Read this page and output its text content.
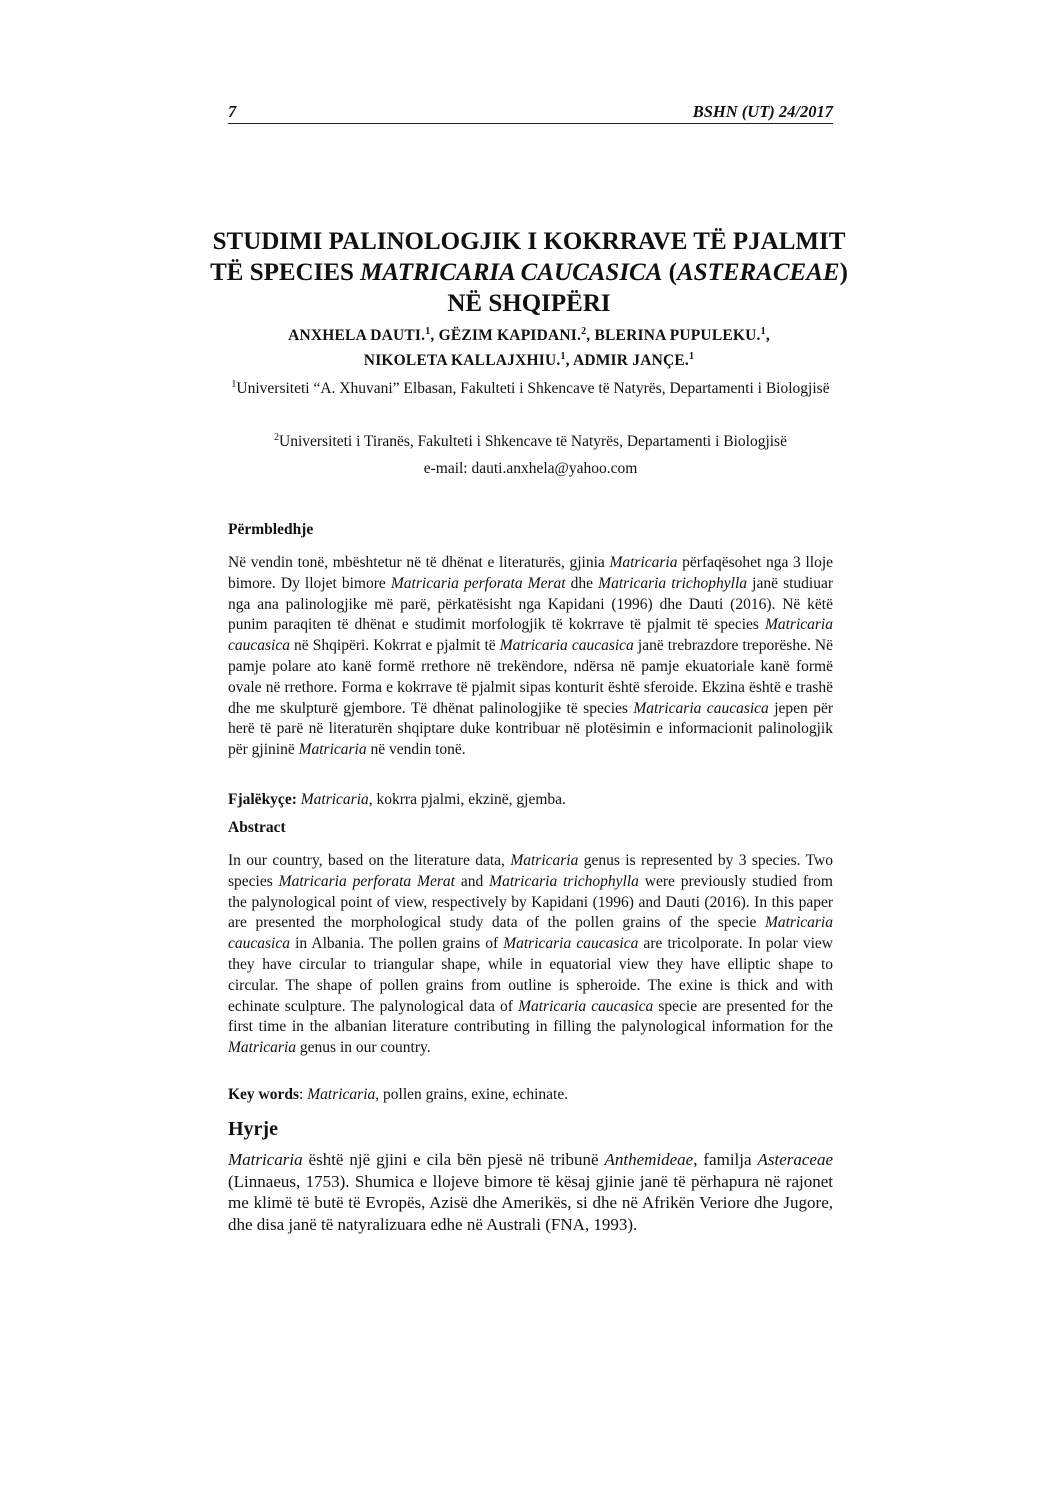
7	BSHN (UT) 24/2017
STUDIMI PALINOLOGJIK I KOKRRAVE TË PJALMIT TË SPECIES MATRICARIA CAUCASICA (ASTERACEAE) NË SHQIPËRI
ANXHELA DAUTI.$^1$, GËZIM KAPIDANI.$^2$, BLERINA PUPULEKU.$^1$,
NIKOLETA KALLAJXHIU.$^1$, ADMIR JANÇE.$^1$
$^1$Universiteti “A. Xhuvani” Elbasan, Fakulteti i Shkencave të Natyrës, Departamenti i Biologjisë
$^2$Universiteti i Tiranës, Fakulteti i Shkencave të Natyrës, Departamenti i Biologjisë
e-mail: dauti.anxhela@yahoo.com
Përmbledhje

Në vendin tonë, mbështetur në të dhënat e literaturës, gjinia Matricaria përfaqësohet nga 3 lloje bimore. Dy llojet bimore Matricaria perforata Merat dhe Matricaria trichophylla janë studiuar nga ana palinologjike më parë, përkatësisht nga Kapidani (1996) dhe Dauti (2016). Në këtë punim paraqiten të dhënat e studimit morfologjik të kokrrave të pjalmit të species Matricaria caucasica në Shqipëri. Kokrrat e pjalmit të Matricaria caucasica janë trebrazdore treporëshe. Në pamje polare ato kanë formë rrethore në trekëndore, ndërsa në pamje ekuatoriale kanë formë ovale në rrethore. Forma e kokrrave të pjalmit sipas konturit është sferoide. Ekzina është e trashë dhe me skulpturë gjembore. Të dhënat palinologjike të species Matricaria caucasica jepen për herë të parë në literaturën shqiptare duke kontribuar në plotësimin e informacionit palinologjik për gjininë Matricaria në vendin tonë.

Fjalëkyçe: Matricaria, kokrra pjalmi, ekzinë, gjemba.

Abstract

In our country, based on the literature data, Matricaria genus is represented by 3 species. Two species Matricaria perforata Merat and Matricaria trichophylla were previously studied from the palynological point of view, respectively by Kapidani (1996) and Dauti (2016). In this paper are presented the morphological study data of the pollen grains of the specie Matricaria caucasica in Albania. The pollen grains of Matricaria caucasica are tricolporate. In polar view they have circular to triangular shape, while in equatorial view they have elliptic shape to circular. The shape of pollen grains from outline is spheroide. The exine is thick and with echinate sculpture. The palynological data of Matricaria caucasica specie are presented for the first time in the albanian literature contributing in filling the palynological information for the Matricaria genus in our country.

Key words: Matricaria, pollen grains, exine, echinate.

Hyrje

Matricaria është një gjini e cila bën pjesë në tribunë Anthemideae, familja Asteraceae (Linnaeus, 1753). Shumica e llojeve bimore të kësaj gjinie janë të përhapura në rajonet me klimë të butë të Evropës, Azisë dhe Amerikës, si dhe në Afrikën Veriore dhe Jugore, dhe disa janë të natyralizuara edhe në Australi (FNA, 1993).
